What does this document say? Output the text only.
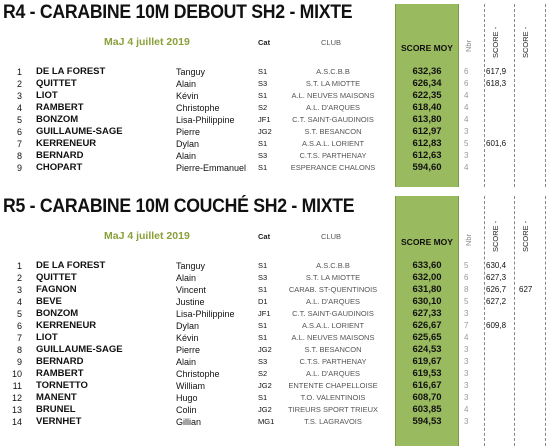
R4 - CARABINE 10M DEBOUT SH2 - MIXTE
MaJ 4 juillet 2019	Cat	CLUB
SCORE MOY	Nbr SCORE -	SCORE -
1 DE LA FOREST	Tanguy	S1	A.S.C.B.B	632,36	6 617,9
2 QUITTET	Alain	S3	S.T. LA MIOTTE	626,34	6 618,3
3 LIOT	Kévin	S1	A.L. NEUVES MAISONS	622,35	4
4 RAMBERT	Christophe	S2	A.L. D'ARQUES	618,40	4
5 BONZOM	Lisa-Philippine	JF1	C.T. SAINT-GAUDINOIS	613,80	4
6 GUILLAUME-SAGE	Pierre	JG2	S.T. BESANCON	612,97	3
7 KERRENEUR	Dylan	S1	A.S.A.L. LORIENT	612,83	5 601,6
8 BERNARD	Alain	S3	C.T.S. PARTHENAY	612,63	3
9 CHOPART	Pierre-Emmanuel S1	ESPERANCE CHALONS	594,60	4
R5 - CARABINE 10M COUCHÉ SH2 - MIXTE
MaJ 4 juillet 2019	Cat	CLUB
SCORE MOY	Nbr SCORE -	SCORE -
1 DE LA FOREST	Tanguy	S1	A.S.C.B.B	633,60	5 630,4
2 QUITTET	Alain	S3	S.T. LA MIOTTE	632,00	6 627,3
3 FAGNON	Vincent	S1	CARAB. ST-QUENTINOIS	631,80	8 626,7 627
4 BEVE	Justine	D1	A.L. D'ARQUES	630,10	5 627,2
5 BONZOM	Lisa-Philippine	JF1	C.T. SAINT-GAUDINOIS	627,33	3
6 KERRENEUR	Dylan	S1	A.S.A.L. LORIENT	626,67	7 609,8
7 LIOT	Kévin	S1	A.L. NEUVES MAISONS	625,65	4
8 GUILLAUME-SAGE	Pierre	JG2	S.T. BESANCON	624,53	3
9 BERNARD	Alain	S3	C.T.S. PARTHENAY	619,67	3
10 RAMBERT	Christophe	S2	A.L. D'ARQUES	619,53	3
11 TORNETTO	William	JG2	ENTENTE CHAPELLOISE	616,67	3
12 MANENT	Hugo	S1	T.O. VALENTINOIS	608,70	3
13 BRUNEL	Colin	JG2	TIREURS SPORT TRIEUX	603,85	4
14 VERNHET	Gillian	MG1	T.S. LAGRAVOIS	594,53	3
